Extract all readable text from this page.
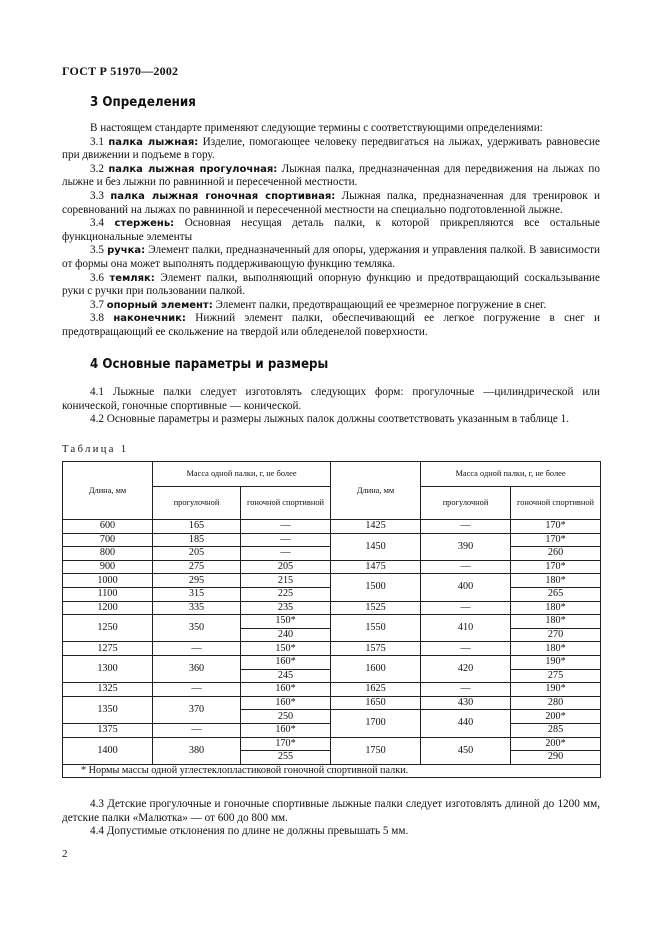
ГОСТ Р 51970—2002
3 Определения

В настоящем стандарте применяют следующие термины с соответствующими определениями:

3.1 палка лыжная: Изделие, помогающее человеку передвигаться на лыжах, удерживать равновесие при движении и подъеме в гору.

3.2 палка лыжная прогулочная: Лыжная палка, предназначенная для передвижения на лыжах по лыжне и без лыжни по равнинной и пересеченной местности.

3.3 палка лыжная гоночная спортивная: Лыжная палка, предназначенная для тренировок и соревнований на лыжах по равнинной и пересеченной местности на специально подготовленной лыжне.

3.4 стержень: Основная несущая деталь палки, к которой прикрепляются все остальные функциональные элементы

3.5 ручка: Элемент палки, предназначенный для опоры, удержания и управления палкой. В зависимости от формы она может выполнять поддерживающую функцию темляка.

3.6 темляк: Элемент палки, выполняющий опорную функцию и предотвращающий соскальзывание руки с ручки при пользовании палкой.

3.7 опорный элемент: Элемент палки, предотвращающий ее чрезмерное погружение в снег.

3.8 наконечник: Нижний элемент палки, обеспечивающий ее легкое погружение в снег и предотвращающий ее скольжение на твердой или обледенелой поверхности.

4 Основные параметры и размеры

4.1 Лыжные палки следует изготовлять следующих форм: прогулочные —цилиндрической или конической, гоночные спортивные — конической.

4.2 Основные параметры и размеры лыжных палок должны соответствовать указанным в таблице 1.

Таблица 1
Длина, мм	Масса одной палки, г, не более		Длина, мм	Масса одной палки, г, не более	
	прогулочной	гоночной спортивной		прогулочной	гоночной спортивной
600	165	—	1425	—	170*
700	185	—	1450	390	170*
800	205	—			260
900	275	205	1475	—	170*
1000	295	215	1500	400	180*
1100	315	225			265
1200	335	235	1525	—	180*
1250	350	150*	1550	410	180*
		240			270
1275	—	150*	1575	—	180*
1300	360	160*	1600	420	190*
		245			275
1325	—	160*	1625	—	190*
1350	370	160*	1650	430	280
		250	1700	440	200*
1375	—	160*			285
1400	380	170*	1750	450	200*
		255			290
* Нормы массы одной углестеклопластиковой гоночной спортивной палки.					

4.3 Детские прогулочные и гоночные спортивные лыжные палки следует изготовлять длиной до 1200 мм, детские палки «Малютка» — от 600 до 800 мм.

4.4 Допустимые отклонения по длине не должны превышать 5 мм.

2
